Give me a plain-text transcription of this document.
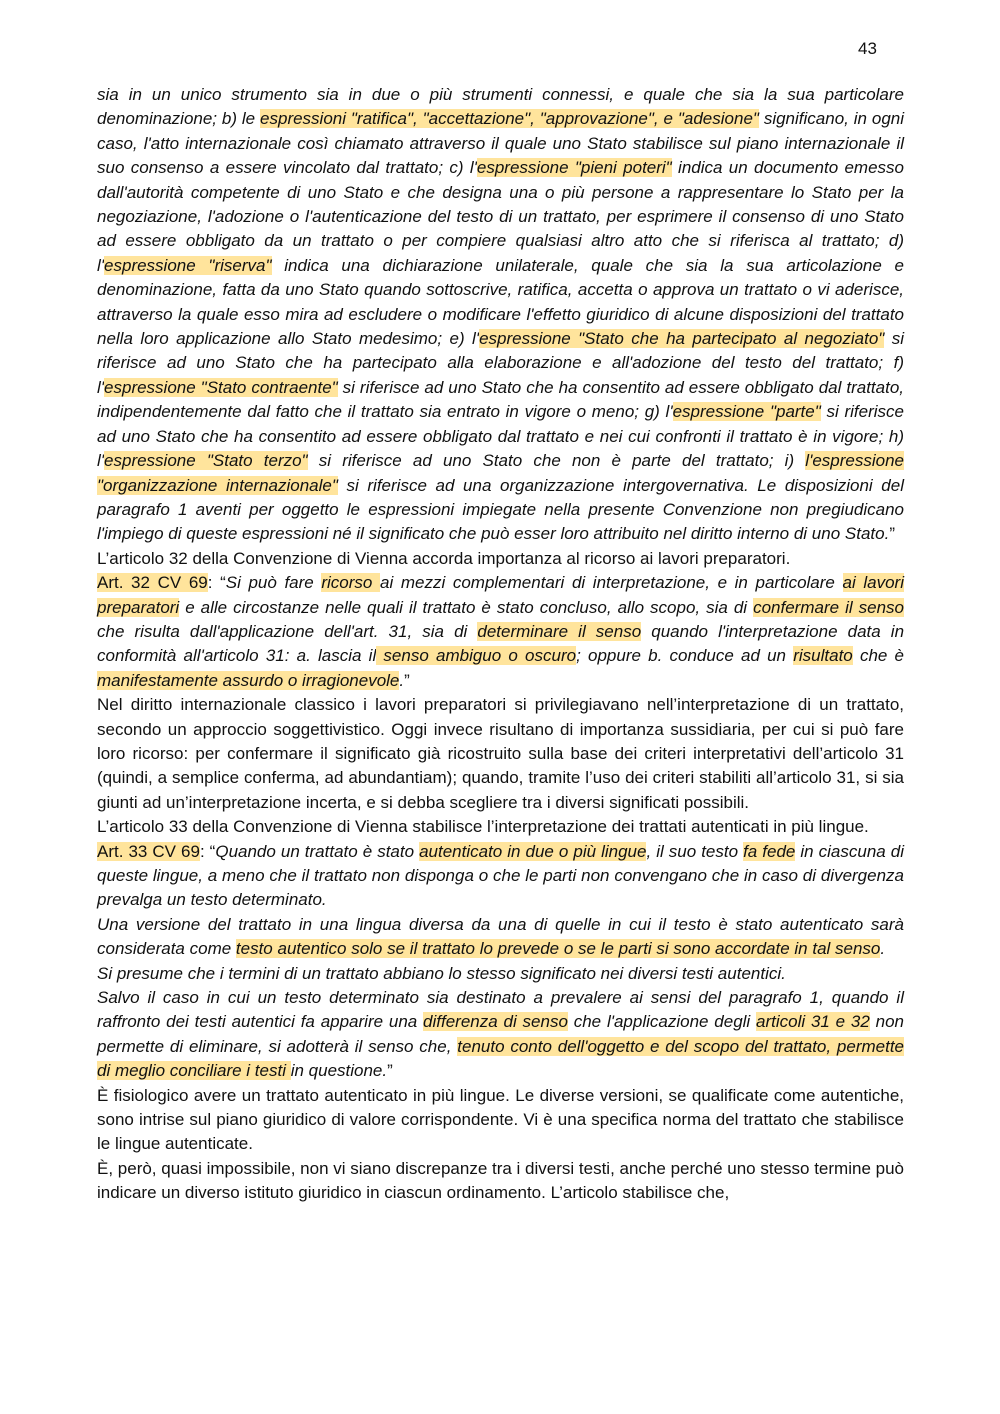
43

sia in un unico strumento sia in due o più strumenti connessi, e quale che sia la sua particolare denominazione; b) le espressioni "ratifica", "accettazione", "approvazione", e "adesione" significano, in ogni caso, l'atto internazionale così chiamato attraverso il quale uno Stato stabilisce sul piano internazionale il suo consenso a essere vincolato dal trattato; c) l'espressione "pieni poteri" indica un documento emesso dall'autorità competente di uno Stato e che designa una o più persone a rappresentare lo Stato per la negoziazione, l'adozione o l'autenticazione del testo di un trattato, per esprimere il consenso di uno Stato ad essere obbligato da un trattato o per compiere qualsiasi altro atto che si riferisca al trattato; d) l'espressione "riserva" indica una dichiarazione unilaterale, quale che sia la sua articolazione e denominazione, fatta da uno Stato quando sottoscrive, ratifica, accetta o approva un trattato o vi aderisce, attraverso la quale esso mira ad escludere o modificare l'effetto giuridico di alcune disposizioni del trattato nella loro applicazione allo Stato medesimo; e) l'espressione "Stato che ha partecipato al negoziato" si riferisce ad uno Stato che ha partecipato alla elaborazione e all'adozione del testo del trattato; f) l'espressione "Stato contraente" si riferisce ad uno Stato che ha consentito ad essere obbligato dal trattato, indipendentemente dal fatto che il trattato sia entrato in vigore o meno; g) l'espressione "parte" si riferisce ad uno Stato che ha consentito ad essere obbligato dal trattato e nei cui confronti il trattato è in vigore; h) l'espressione "Stato terzo" si riferisce ad uno Stato che non è parte del trattato; i) l'espressione "organizzazione internazionale" si riferisce ad una organizzazione intergovernativa. Le disposizioni del paragrafo 1 aventi per oggetto le espressioni impiegate nella presente Convenzione non pregiudicano l'impiego di queste espressioni né il significato che può esser loro attribuito nel diritto interno di uno Stato.”

L’articolo 32 della Convenzione di Vienna accorda importanza al ricorso ai lavori preparatori.

Art. 32 CV 69: “Si può fare ricorso ai mezzi complementari di interpretazione, e in particolare ai lavori preparatori e alle circostanze nelle quali il trattato è stato concluso, allo scopo, sia di confermare il senso che risulta dall'applicazione dell'art. 31, sia di determinare il senso quando l'interpretazione data in conformità all'articolo 31: a. lascia il senso ambiguo o oscuro; oppure b. conduce ad un risultato che è manifestamente assurdo o irragionevole.”

Nel diritto internazionale classico i lavori preparatori si privilegiavano nell’interpretazione di un trattato, secondo un approccio soggettivistico. Oggi invece risultano di importanza sussidiaria, per cui si può fare loro ricorso: per confermare il significato già ricostruito sulla base dei criteri interpretativi dell’articolo 31 (quindi, a semplice conferma, ad abundantiam); quando, tramite l’uso dei criteri stabiliti all’articolo 31, si sia giunti ad un’interpretazione incerta, e si debba scegliere tra i diversi significati possibili.

L’articolo 33 della Convenzione di Vienna stabilisce l’interpretazione dei trattati autenticati in più lingue.

Art. 33 CV 69: “Quando un trattato è stato autenticato in due o più lingue, il suo testo fa fede in ciascuna di queste lingue, a meno che il trattato non disponga o che le parti non convengano che in caso di divergenza prevalga un testo determinato.

Una versione del trattato in una lingua diversa da una di quelle in cui il testo è stato autenticato sarà considerata come testo autentico solo se il trattato lo prevede o se le parti si sono accordate in tal senso.

Si presume che i termini di un trattato abbiano lo stesso significato nei diversi testi autentici.

Salvo il caso in cui un testo determinato sia destinato a prevalere ai sensi del paragrafo 1, quando il raffronto dei testi autentici fa apparire una differenza di senso che l'applicazione degli articoli 31 e 32 non permette di eliminare, si adotterà il senso che, tenuto conto dell'oggetto e del scopo del trattato, permette di meglio conciliare i testi in questione.”

È fisiologico avere un trattato autenticato in più lingue. Le diverse versioni, se qualificate come autentiche, sono intrise sul piano giuridico di valore corrispondente. Vi è una specifica norma del trattato che stabilisce le lingue autenticate.

È, però, quasi impossibile, non vi siano discrepanze tra i diversi testi, anche perché uno stesso termine può indicare un diverso istituto giuridico in ciascun ordinamento. L’articolo stabilisce che,
